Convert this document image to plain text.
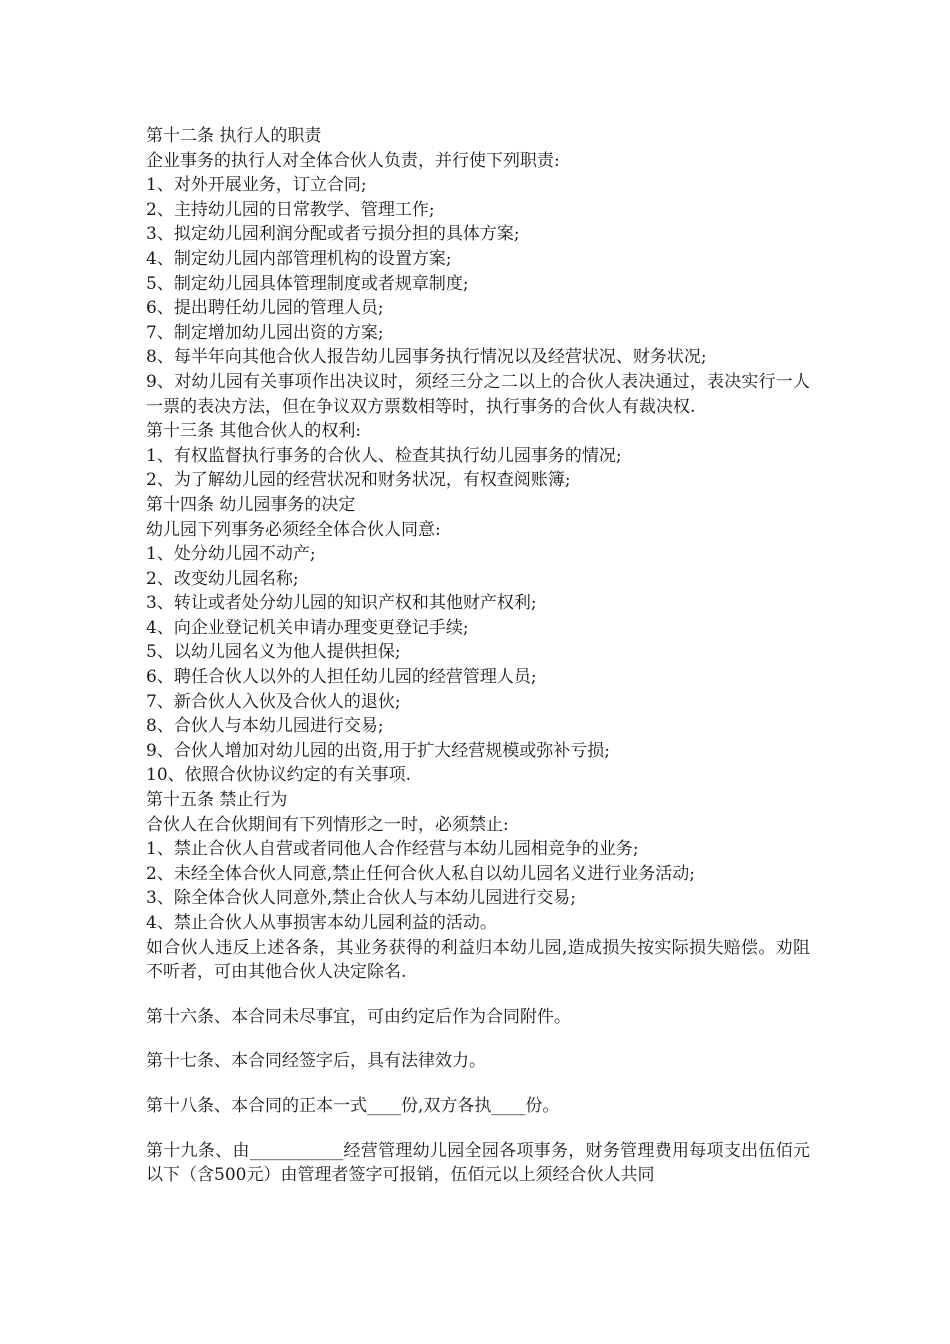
第十二条 执行人的职责

企业事务的执行人对全体合伙人负责，并行使下列职责:

1、对外开展业务，订立合同;

2、主持幼儿园的日常教学、管理工作;

3、拟定幼儿园利润分配或者亏损分担的具体方案;

4、制定幼儿园内部管理机构的设置方案;

5、制定幼儿园具体管理制度或者规章制度;

6、提出聘任幼儿园的管理人员;

7、制定增加幼儿园出资的方案;

8、每半年向其他合伙人报告幼儿园事务执行情况以及经营状况、财务状况;

9、对幼儿园有关事项作出决议时，须经三分之二以上的合伙人表决通过，表决实行一人一票的表决方法，但在争议双方票数相等时，执行事务的合伙人有裁决权.

第十三条 其他合伙人的权利:

1、有权监督执行事务的合伙人、检查其执行幼儿园事务的情况;

2、为了解幼儿园的经营状况和财务状况，有权查阅账簿;

第十四条 幼儿园事务的决定

幼儿园下列事务必须经全体合伙人同意:

1、处分幼儿园不动产;

2、改变幼儿园名称;

3、转让或者处分幼儿园的知识产权和其他财产权利;

4、向企业登记机关申请办理变更登记手续;

5、以幼儿园名义为他人提供担保;

6、聘任合伙人以外的人担任幼儿园的经营管理人员;

7、新合伙人入伙及合伙人的退伙;

8、合伙人与本幼儿园进行交易;

9、合伙人增加对幼儿园的出资,用于扩大经营规模或弥补亏损;

10、依照合伙协议约定的有关事项.

第十五条 禁止行为

合伙人在合伙期间有下列情形之一时，必须禁止:

1、禁止合伙人自营或者同他人合作经营与本幼儿园相竞争的业务;

2、未经全体合伙人同意,禁止任何合伙人私自以幼儿园名义进行业务活动;

3、除全体合伙人同意外,禁止合伙人与本幼儿园进行交易;

4、禁止合伙人从事损害本幼儿园利益的活动。

如合伙人违反上述各条，其业务获得的利益归本幼儿园,造成损失按实际损失赔偿。劝阻不听者，可由其他合伙人决定除名.

第十六条、本合同未尽事宜，可由约定后作为合同附件。

第十七条、本合同经签字后，具有法律效力。

第十八条、本合同的正本一式____份,双方各执____份。

第十九条、由___________经营管理幼儿园全园各项事务，财务管理费用每项支出伍佰元以下（含500元）由管理者签字可报销，伍佰元以上须经合伙人共同
